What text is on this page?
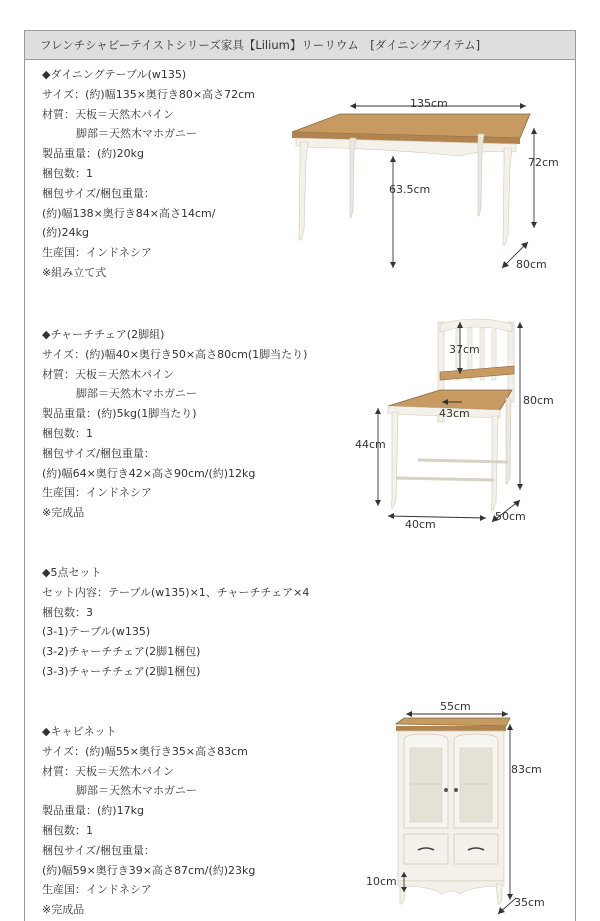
フレンチシャビーテイストシリーズ家具【Lilium】リーリウム　[ダイニングアイテム]
◆ダイニングテーブル(w135)
サイズ：(約)幅135×奥行き80×高さ72cm
材質：天板＝天然木パイン
脚部＝天然木マホガニー
製品重量：(約)20kg
梱包数：1
梱包サイズ/梱包重量：
(約)幅138×奥行き84×高さ14cm/
(約)24kg
生産国：インドネシア
※組み立て式
135cm
72cm
63.5cm
80cm
◆チャーチチェア(2脚組)
サイズ：(約)幅40×奥行き50×高さ80cm(1脚当たり)
材質：天板＝天然木パイン
脚部＝天然木マホガニー
製品重量：(約)5kg(1脚当たり)
梱包数：1
梱包サイズ/梱包重量：
(約)幅64×奥行き42×高さ90cm/(約)12kg
生産国：インドネシア
※完成品
37cm
43cm
80cm
44cm
40cm
50cm
◆5点セット
セット内容：テーブル(w135)×1、チャーチチェア×4
梱包数：3
(3-1)テーブル(w135)
(3-2)チャーチチェア(2脚1梱包)
(3-3)チャーチチェア(2脚1梱包)
◆キャビネット
サイズ：(約)幅55×奥行き35×高さ83cm
材質：天板＝天然木パイン
脚部＝天然木マホガニー
製品重量：(約)17kg
梱包数：1
梱包サイズ/梱包重量：
(約)幅59×奥行き39×高さ87cm/(約)23kg
生産国：インドネシア
※完成品
55cm
83cm
10cm
35cm
